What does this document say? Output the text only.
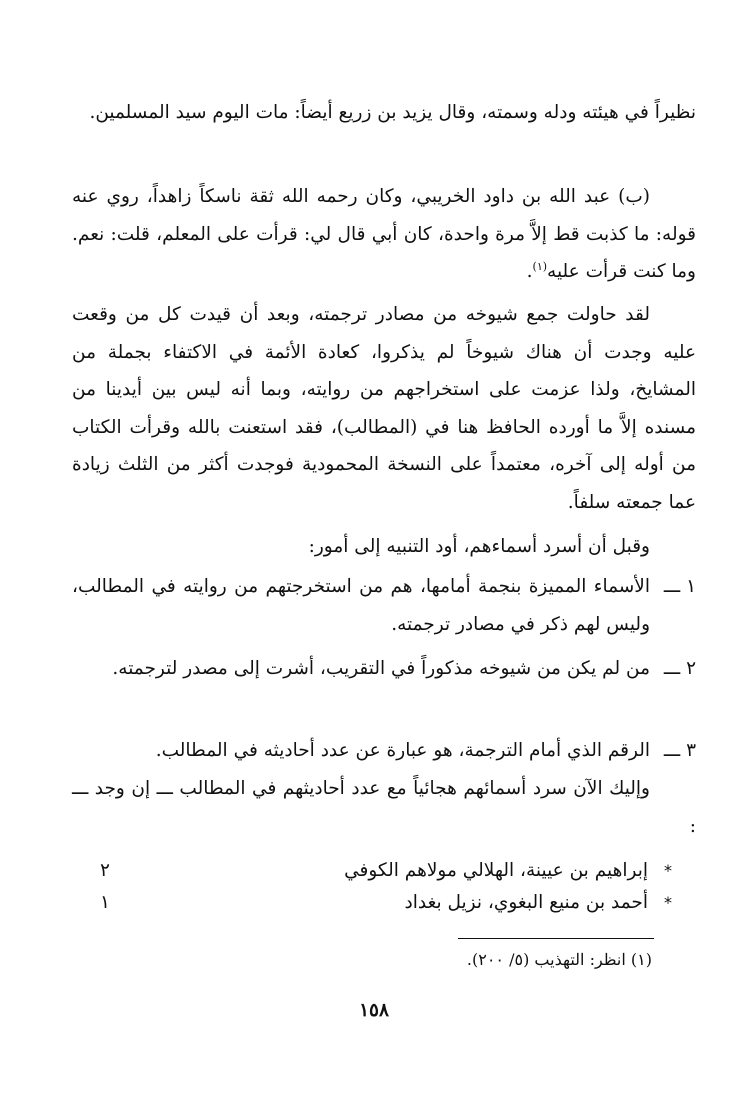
نظيراً في هيئته ودله وسمته، وقال يزيد بن زريع أيضاً: مات اليوم سيد المسلمين.

(ب) عبد الله بن داود الخريبي، وكان رحمه الله ثقة ناسكاً زاهداً، روي عنه قوله: ما كذبت قط إلاَّ مرة واحدة، كان أبي قال لي: قرأت على المعلم، قلت: نعم. وما كنت قرأت عليه$^{(١)}$.

لقد حاولت جمع شيوخه من مصادر ترجمته، وبعد أن قيدت كل من وقعت عليه وجدت أن هناك شيوخاً لم يذكروا، كعادة الأئمة في الاكتفاء بجملة من المشايخ، ولذا عزمت على استخراجهم من روايته، وبما أنه ليس بين أيدينا من مسنده إلاَّ ما أورده الحافظ هنا في (المطالب)، فقد استعنت بالله وقرأت الكتاب من أوله إلى آخره، معتمداً على النسخة المحمودية فوجدت أكثر من الثلث زيادة عما جمعته سلفاً.

وقبل أن أسرد أسماءهم، أود التنبيه إلى أمور:

١ ـــ
الأسماء المميزة بنجمة أمامها، هم من استخرجتهم من روايته في المطالب، وليس لهم ذكر في مصادر ترجمته.
٢ ـــ
من لم يكن من شيوخه مذكوراً في التقريب، أشرت إلى مصدر لترجمته.
٣ ـــ
الرقم الذي أمام الترجمة، هو عبارة عن عدد أحاديثه في المطالب.

وإليك الآن سرد أسمائهم هجائياً مع عدد أحاديثهم في المطالب ـــ إن وجد ـــ :

*
إبراهيم بن عيينة، الهلالي مولاهم الكوفي
٢
*
أحمد بن منيع البغوي، نزيل بغداد
١
(١) انظر: التهذيب (٥/ ٢٠٠).
١٥٨
